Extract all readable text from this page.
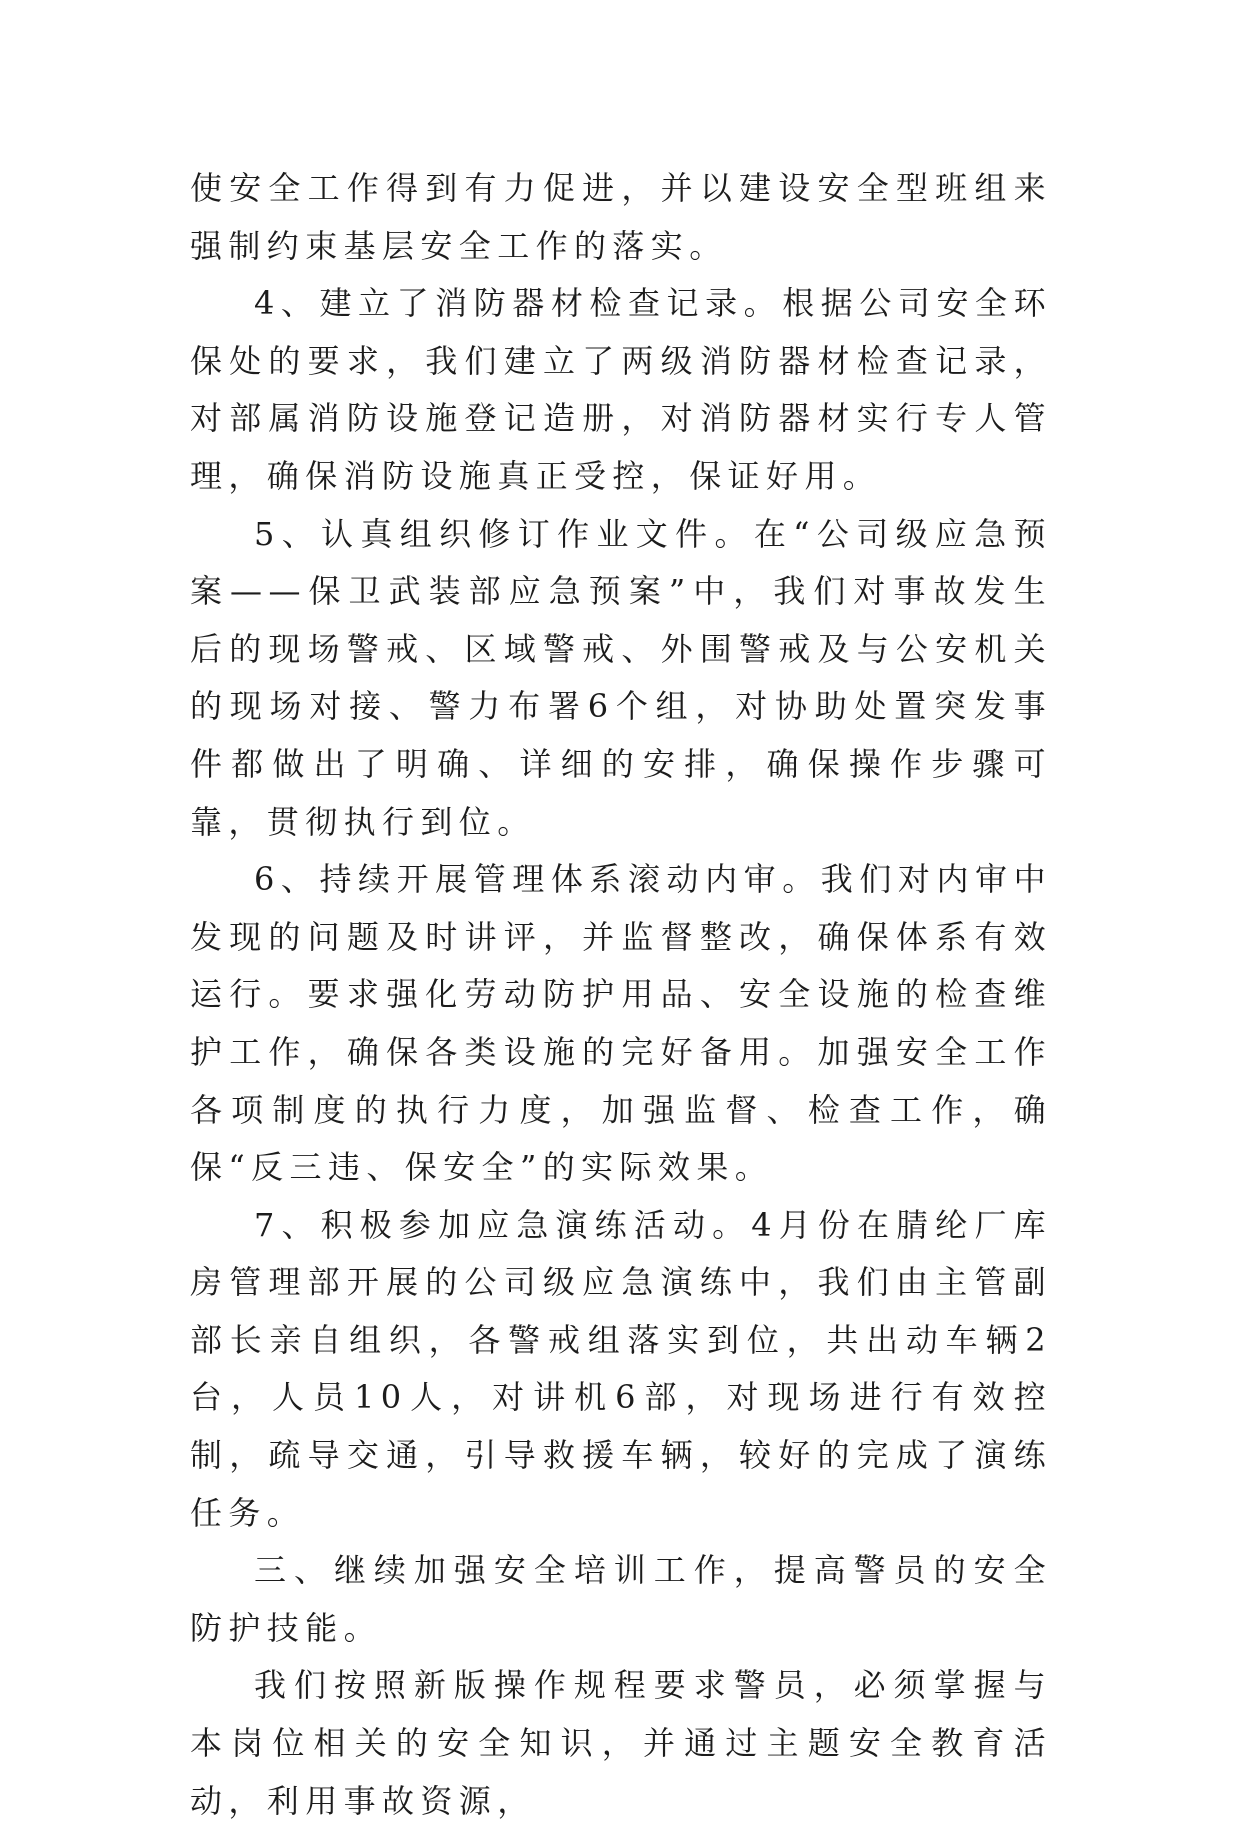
使安全工作得到有力促进，并以建设安全型班组来强制约束基层安全工作的落实。

4、建立了消防器材检查记录。根据公司安全环保处的要求，我们建立了两级消防器材检查记录，对部属消防设施登记造册，对消防器材实行专人管理，确保消防设施真正受控，保证好用。

5、认真组织修订作业文件。在“公司级应急预案——保卫武装部应急预案”中，我们对事故发生后的现场警戒、区域警戒、外围警戒及与公安机关的现场对接、警力布署6个组，对协助处置突发事件都做出了明确、详细的安排，确保操作步骤可靠，贯彻执行到位。

6、持续开展管理体系滚动内审。我们对内审中发现的问题及时讲评，并监督整改，确保体系有效运行。要求强化劳动防护用品、安全设施的检查维护工作，确保各类设施的完好备用。加强安全工作各项制度的执行力度，加强监督、检查工作，确保“反三违、保安全”的实际效果。

7、积极参加应急演练活动。4月份在腈纶厂库房管理部开展的公司级应急演练中，我们由主管副部长亲自组织，各警戒组落实到位，共出动车辆2台，人员10人，对讲机6部，对现场进行有效控制，疏导交通，引导救援车辆，较好的完成了演练任务。

三、继续加强安全培训工作，提高警员的安全防护技能。

我们按照新版操作规程要求警员，必须掌握与本岗位相关的安全知识，并通过主题安全教育活动，利用事故资源，
